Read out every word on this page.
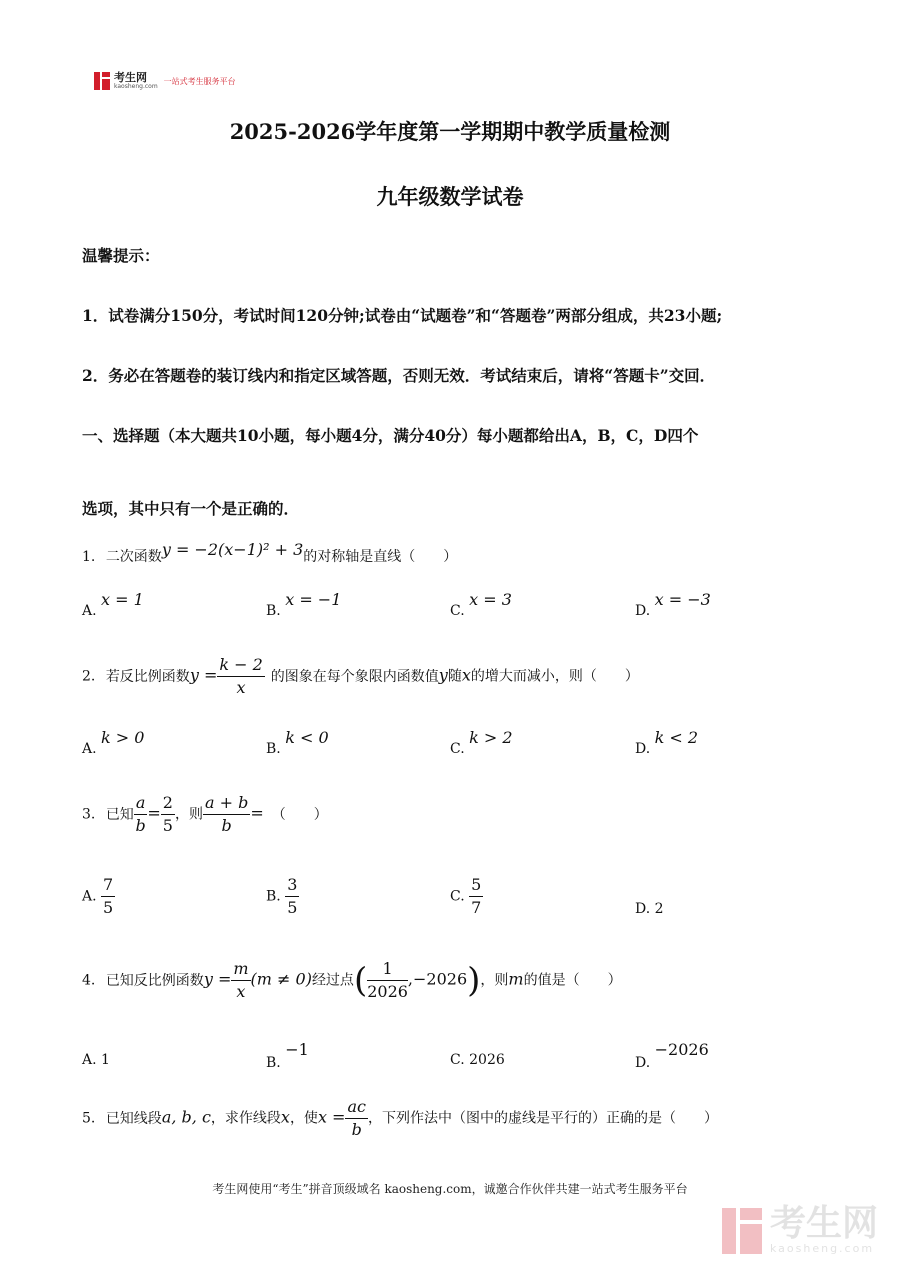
考生网
kaosheng.com
一站式考生服务平台
2025-2026学年度第一学期期中教学质量检测
九年级数学试卷
温馨提示：
1．试卷满分150分，考试时间120分钟;试卷由“试题卷”和“答题卷”两部分组成，共23小题;
2．务必在答题卷的装订线内和指定区域答题，否则无效．考试结束后，请将“答题卡”交回．
一、选择题（本大题共10小题，每小题4分，满分40分）每小题都给出A，B，C，D四个
选项，其中只有一个是正确的．
1. 二次函数y = −2(x−1)² + 3的对称轴是直线（　　）
A. x = 1
B. x = −1
C. x = 3
D. x = −3
2. 若反比例函数$y = \frac{k - 2}{x}$ 的图象在每个象限内函数值y随x的增大而减小，则（　　）
A. k > 0
B. k < 0
C. k > 2
D. k < 2
3. 已知 $\frac{a}{b} = \frac{2}{5}$ ，则 $\frac{a + b}{b}$ = （　　）
A. $\frac{7}{5}$	B. $\frac{3}{5}$	C. $\frac{5}{7}$	D. 2
4. 已知反比例函数$y = \frac{m}{x} (m \ne 0)$经过点( $\frac{1}{2026} ,-2026$)，则m的值是（　　）
A. 1	B. −1
C. 2026	D. −2026
5. 已知线段a, b, c，求作线段x，使$x = \frac{ac}{b}$ ，下列作法中（图中的虚线是平行的）正确的是（　　）
考生网使用“考生”拼音顶级域名 kaosheng.com，诚邀合作伙伴共建一站式考生服务平台
考生网
kaosheng.com
